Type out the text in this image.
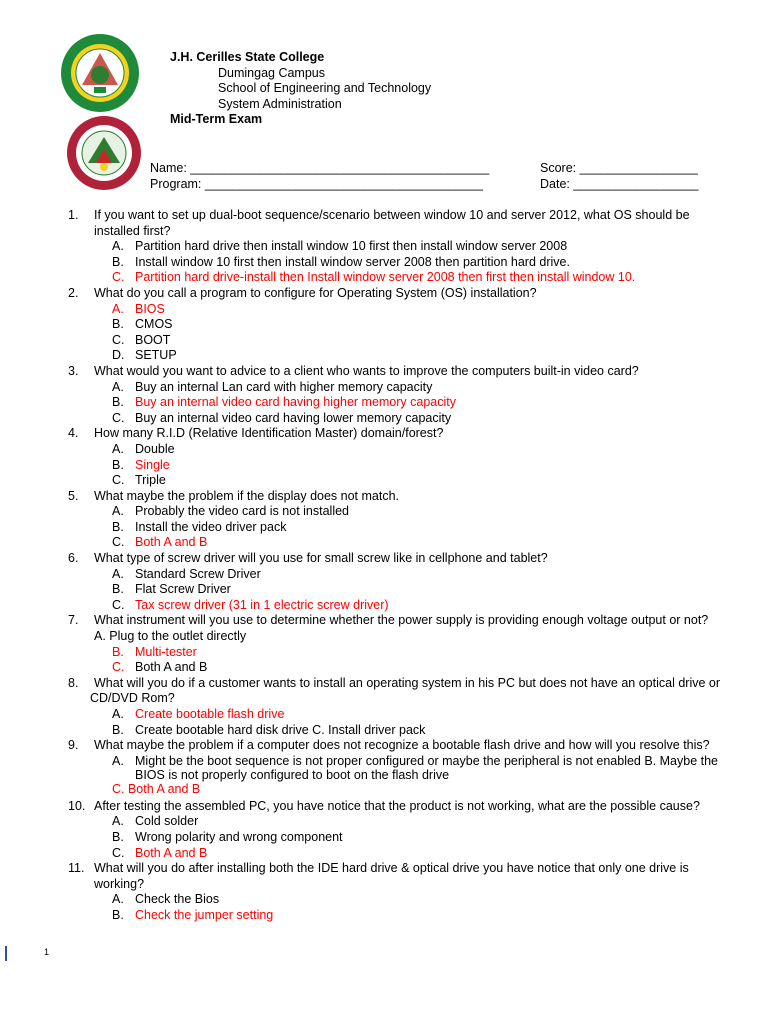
J.H. Cerilles State College
Dumingag Campus
School of Engineering and Technology
System Administration
Mid-Term Exam
Name: ___________________________________________
Program: ________________________________________
Score: _________________
Date: __________________
1. If you want to set up dual-boot sequence/scenario between window 10 and server 2012, what OS should be installed first?
A. Partition hard drive then install window 10 first then install window server 2008
B. Install window 10 first then install window server 2008 then partition hard drive.
C. Partition hard drive-install then Install window server 2008 then first then install window 10.
2. What do you call a program to configure for Operating System (OS) installation?
A. BIOS
B. CMOS
C. BOOT
D. SETUP
3. What would you want to advice to a client who wants to improve the computers built-in video card?
A. Buy an internal Lan card with higher memory capacity
B. Buy an internal video card having higher memory capacity
C. Buy an internal video card having lower memory capacity
4. How many R.I.D (Relative Identification Master) domain/forest?
A. Double
B. Single
C. Triple
5. What maybe the problem if the display does not match.
A. Probably the video card is not installed
B. Install the video driver pack
C. Both A and B
6. What type of screw driver will you use for small screw like in cellphone and tablet?
A. Standard Screw Driver
B. Flat Screw Driver
C. Tax screw driver (31 in 1 electric screw driver)
7. What instrument will you use to determine whether the power supply is providing enough voltage output or not?
A. Plug to the outlet directly
B. Multi-tester
C. Both A and B
8. What will you do if a customer wants to install an operating system in his PC but does not have an optical drive or
CD/DVD Rom?
A. Create bootable flash drive
B. Create bootable hard disk drive C. Install driver pack
9. What maybe the problem if a computer does not recognize a bootable flash drive and how will you resolve this?
A. Might be the boot sequence is not proper configured or maybe the peripheral is not enabled B. Maybe the BIOS is not properly configured to boot on the flash drive
C. Both A and B
10. After testing the assembled PC, you have notice that the product is not working, what are the possible cause?
A. Cold solder
B. Wrong polarity and wrong component
C. Both A and B
11. What will you do after installing both the IDE hard drive & optical drive you have notice that only one drive is working?
A. Check the Bios
B. Check the jumper setting
1
